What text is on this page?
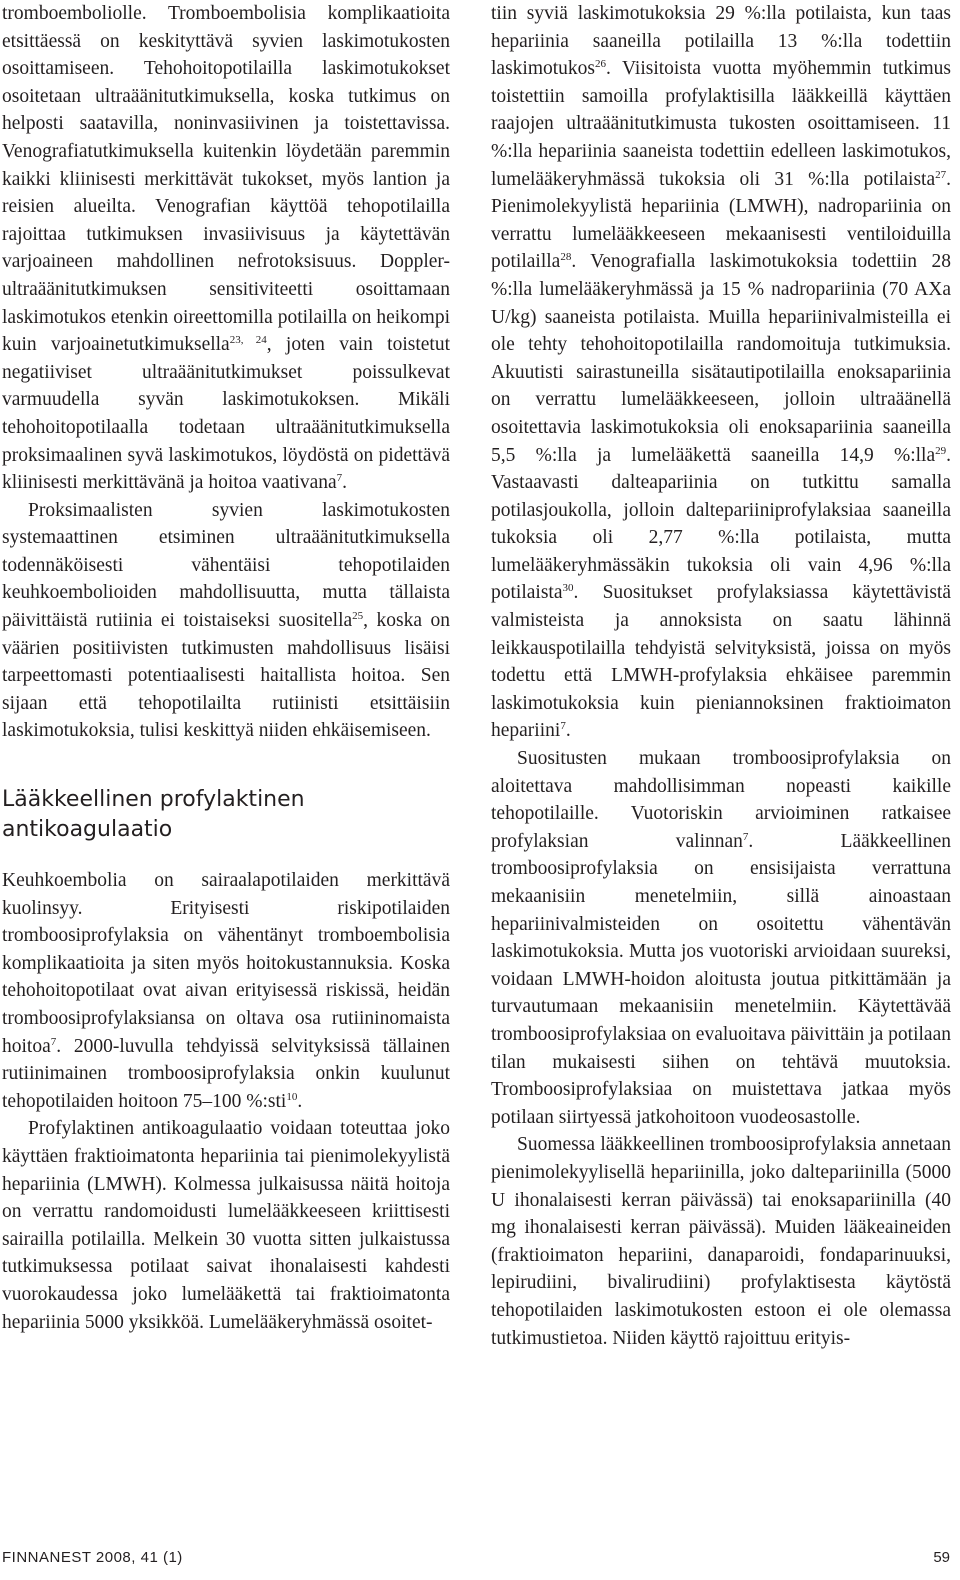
tromboemboliolle. Tromboembolisia komplikaatioita etsittäessä on keskityttävä syvien laskimotukosten osoittamiseen. Tehohoitopotilailla laskimotukokset osoitetaan ultraäänitutkimuksella, koska tutkimus on helposti saatavilla, noninvasiivinen ja toistettavissa. Venografiatutkimuksella kuitenkin löydetään paremmin kaikki kliinisesti merkittävät tukokset, myös lantion ja reisien alueilta. Venografian käyttöä tehopotilailla rajoittaa tutkimuksen invasiivisuus ja käytettävän varjoaineen mahdollinen nefrotoksisuus. Doppler-ultraäänitutkimuksen sensitiviteetti osoittamaan laskimotukos etenkin oireettomilla potilailla on heikompi kuin varjoainetutkimuksella$^{23, 24}$, joten vain toistetut negatiiviset ultraäänitutkimukset poissulkevat varmuudella syvän laskimotukoksen. Mikäli tehohoitopotilaalla todetaan ultraäänitutkimuksella proksimaalinen syvä laskimotukos, löydöstä on pidettävä kliinisesti merkittävänä ja hoitoa vaativana$^7$.

Proksimaalisten syvien laskimotukosten systemaattinen etsiminen ultraäänitutkimuksella todennäköisesti vähentäisi tehopotilaiden keuhkoembolioiden mahdollisuutta, mutta tällaista päivittäistä rutiinia ei toistaiseksi suositella$^{25}$, koska on väärien positiivisten tutkimusten mahdollisuus lisäisi tarpeettomasti potentiaalisesti haitallista hoitoa. Sen sijaan että tehopotilailta rutiinisti etsittäisiin laskimotukoksia, tulisi keskittyä niiden ehkäisemiseen.

Lääkkeellinen profylaktinen antikoagulaatio

Keuhkoembolia on sairaalapotilaiden merkittävä kuolinsyy. Erityisesti riskipotilaiden tromboosiprofylaksia on vähentänyt tromboembolisia komplikaatioita ja siten myös hoitokustannuksia. Koska tehohoitopotilaat ovat aivan erityisessä riskissä, heidän tromboosiprofylaksiansa on oltava osa rutiininomaista hoitoa$^7$. 2000-luvulla tehdyissä selvityksissä tällainen rutiinimainen tromboosiprofylaksia onkin kuulunut tehopotilaiden hoitoon 75–100 %:sti$^{10}$.

Profylaktinen antikoagulaatio voidaan toteuttaa joko käyttäen fraktioimatonta hepariinia tai pienimolekyylistä hepariinia (LMWH). Kolmessa julkaisussa näitä hoitoja on verrattu randomoidusti lumelääkkeeseen kriittisesti sairailla potilailla. Melkein 30 vuotta sitten julkaistussa tutkimuksessa potilaat saivat ihonalaisesti kahdesti vuorokaudessa joko lumelääkettä tai fraktioimatonta hepariinia 5000 yksikköä. Lumelääkeryhmässä osoitet-

tiin syviä laskimotukoksia 29 %:lla potilaista, kun taas hepariinia saaneilla potilailla 13 %:lla todettiin laskimotukos$^{26}$. Viisitoista vuotta myöhemmin tutkimus toistettiin samoilla profylaktisilla lääkkeillä käyttäen raajojen ultraäänitutkimusta tukosten osoittamiseen. 11 %:lla hepariinia saaneista todettiin edelleen laskimotukos, lumelääkeryhmässä tukoksia oli 31 %:lla potilaista$^{27}$. Pienimolekyylistä hepariinia (LMWH), nadropariinia on verrattu lumelääkkeeseen mekaanisesti ventiloiduilla potilailla$^{28}$. Venografialla laskimotukoksia todettiin 28 %:lla lumelääkeryhmässä ja 15 % nadropariinia (70 AXa U/kg) saaneista potilaista. Muilla hepariinivalmisteilla ei ole tehty tehohoitopotilailla randomoituja tutkimuksia. Akuutisti sairastuneilla sisätautipotilailla enoksapariinia on verrattu lumelääkkeeseen, jolloin ultraäänellä osoitettavia laskimotukoksia oli enoksapariinia saaneilla 5,5 %:lla ja lumelääkettä saaneilla 14,9 %:lla$^{29}$. Vastaavasti dalteapariinia on tutkittu samalla potilasjoukolla, jolloin daltepariiniprofylaksiaa saaneilla tukoksia oli 2,77 %:lla potilaista, mutta lumelääkeryhmässäkin tukoksia oli vain 4,96 %:lla potilaista$^{30}$. Suositukset profylaksiassa käytettävistä valmisteista ja annoksista on saatu lähinnä leikkauspotilailla tehdyistä selvityksistä, joissa on myös todettu että LMWH-profylaksia ehkäisee paremmin laskimotukoksia kuin pieniannoksinen fraktioimaton hepariini$^7$.

Suositusten mukaan tromboosiprofylaksia on aloitettava mahdollisimman nopeasti kaikille tehopotilaille. Vuotoriskin arvioiminen ratkaisee profylaksian valinnan$^7$. Lääkkeellinen tromboosiprofylaksia on ensisijaista verrattuna mekaanisiin menetelmiin, sillä ainoastaan hepariinivalmisteiden on osoitettu vähentävän laskimotukoksia. Mutta jos vuotoriski arvioidaan suureksi, voidaan LMWH-hoidon aloitusta joutua pitkittämään ja turvautumaan mekaanisiin menetelmiin. Käytettävää tromboosiprofylaksiaa on evaluoitava päivittäin ja potilaan tilan mukaisesti siihen on tehtävä muutoksia. Tromboosiprofylaksiaa on muistettava jatkaa myös potilaan siirtyessä jatkohoitoon vuodeosastolle.

Suomessa lääkkeellinen tromboosiprofylaksia annetaan pienimolekyylisellä hepariinilla, joko daltepariinilla (5000 U ihonalaisesti kerran päivässä) tai enoksapariinilla (40 mg ihonalaisesti kerran päivässä). Muiden lääkeaineiden (fraktioimaton hepariini, danaparoidi, fondaparinuuksi, lepirudiini, bivalirudiini) profylaktisesta käytöstä tehopotilaiden laskimotukosten estoon ei ole olemassa tutkimustietoa. Niiden käyttö rajoittuu erityis-

FINNANEST 2008, 41 (1)	59
